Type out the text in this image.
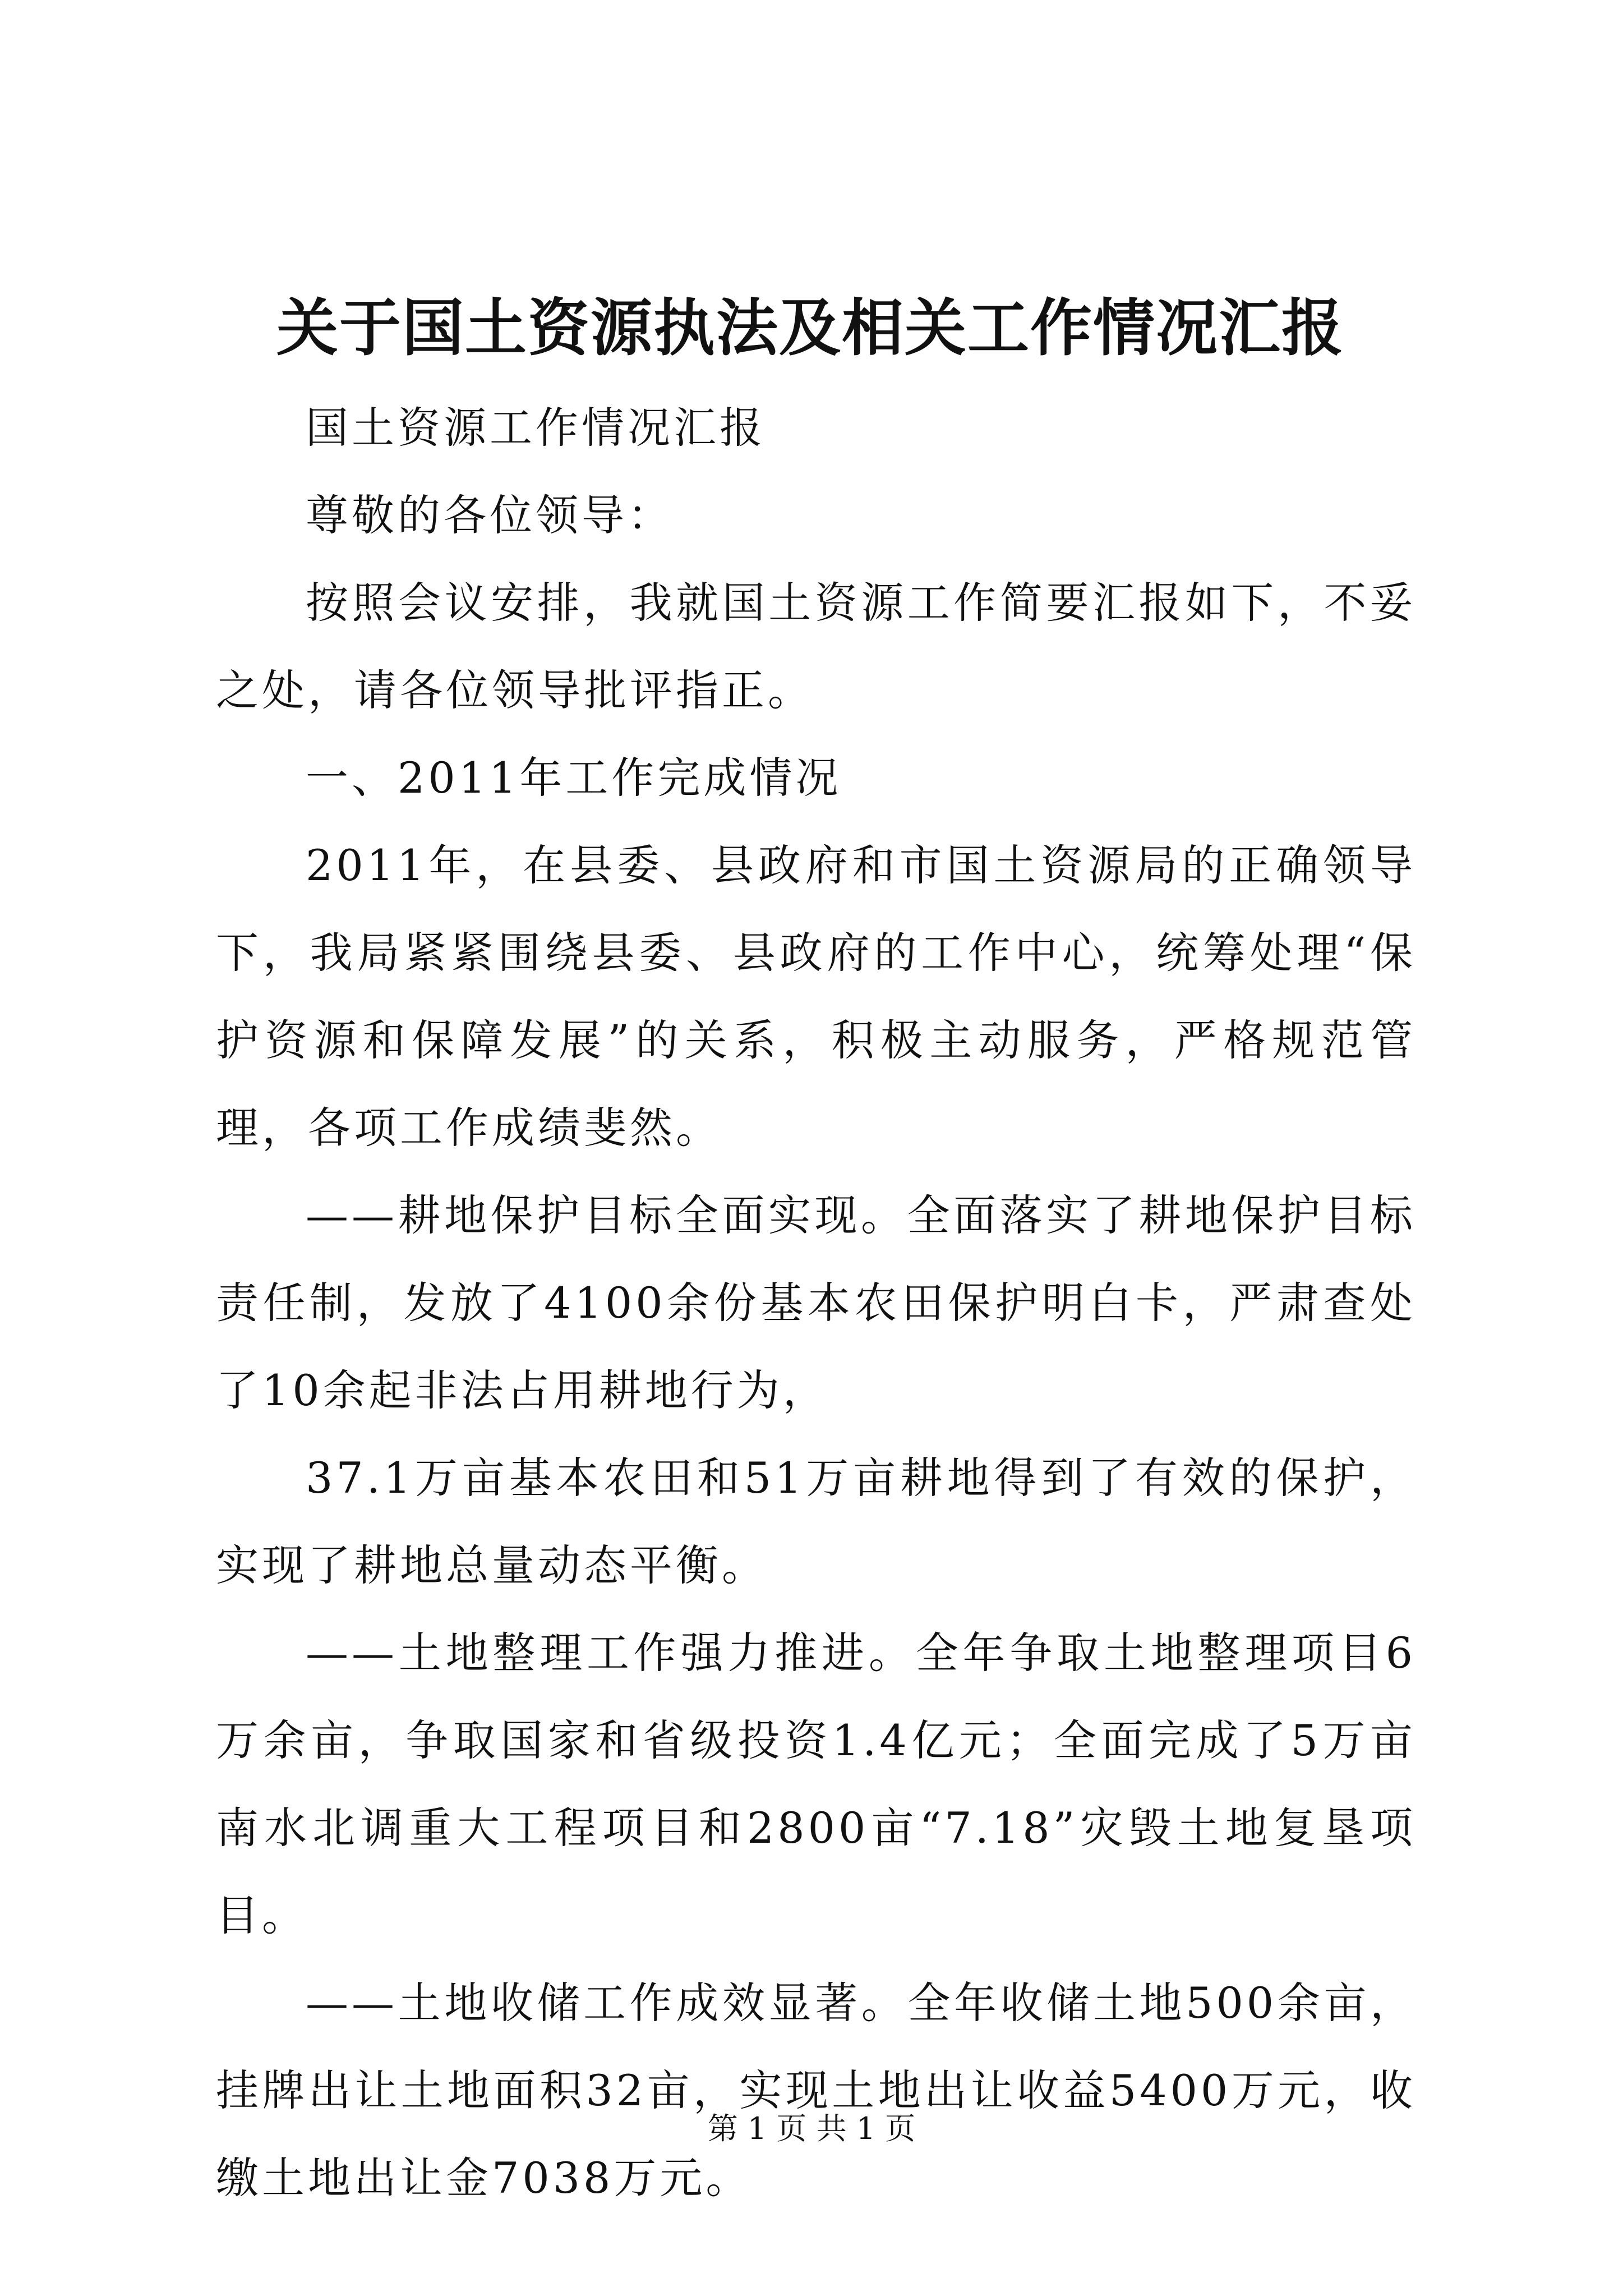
关于国土资源执法及相关工作情况汇报

国土资源工作情况汇报

尊敬的各位领导：

按照会议安排，我就国土资源工作简要汇报如下，不妥之处，请各位领导批评指正。

一、2011年工作完成情况

2011年，在县委、县政府和市国土资源局的正确领导下，我局紧紧围绕县委、县政府的工作中心，统筹处理“保护资源和保障发展”的关系，积极主动服务，严格规范管理，各项工作成绩斐然。

——耕地保护目标全面实现。全面落实了耕地保护目标责任制，发放了4100余份基本农田保护明白卡，严肃查处了10余起非法占用耕地行为，

37.1万亩基本农田和51万亩耕地得到了有效的保护，实现了耕地总量动态平衡。

——土地整理工作强力推进。全年争取土地整理项目6万余亩，争取国家和省级投资1.4亿元；全面完成了5万亩南水北调重大工程项目和2800亩“7.18”灾毁土地复垦项目。

——土地收储工作成效显著。全年收储土地500余亩，挂牌出让土地面积32亩，实现土地出让收益5400万元，收缴土地出让金7038万元。

第 1 页 共 1 页
